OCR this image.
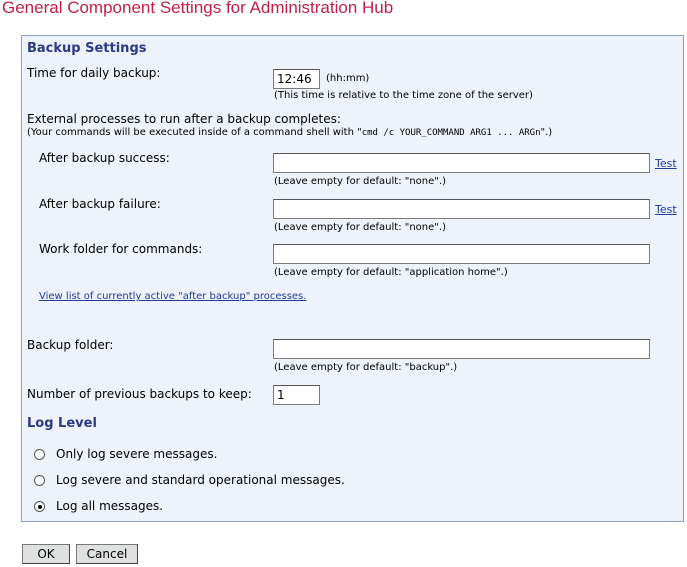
General Component Settings for Administration Hub
Backup Settings
Time for daily backup:
12:46	(hh:mm)
(This time is relative to the time zone of the server)
External processes to run after a backup completes:
(Your commands will be executed inside of a command shell with "cmd /c YOUR_COMMAND ARG1 ... ARGn".)
After backup success:	Test
(Leave empty for default: "none".)
After backup failure:	Test
(Leave empty for default: "none".)
Work folder for commands:
(Leave empty for default: "application home".)
View list of currently active "after backup" processes.
Backup folder:
(Leave empty for default: "backup".)
Number of previous backups to keep:
1
Log Level
Only log severe messages.
Log severe and standard operational messages.
Log all messages.
OK	Cancel
